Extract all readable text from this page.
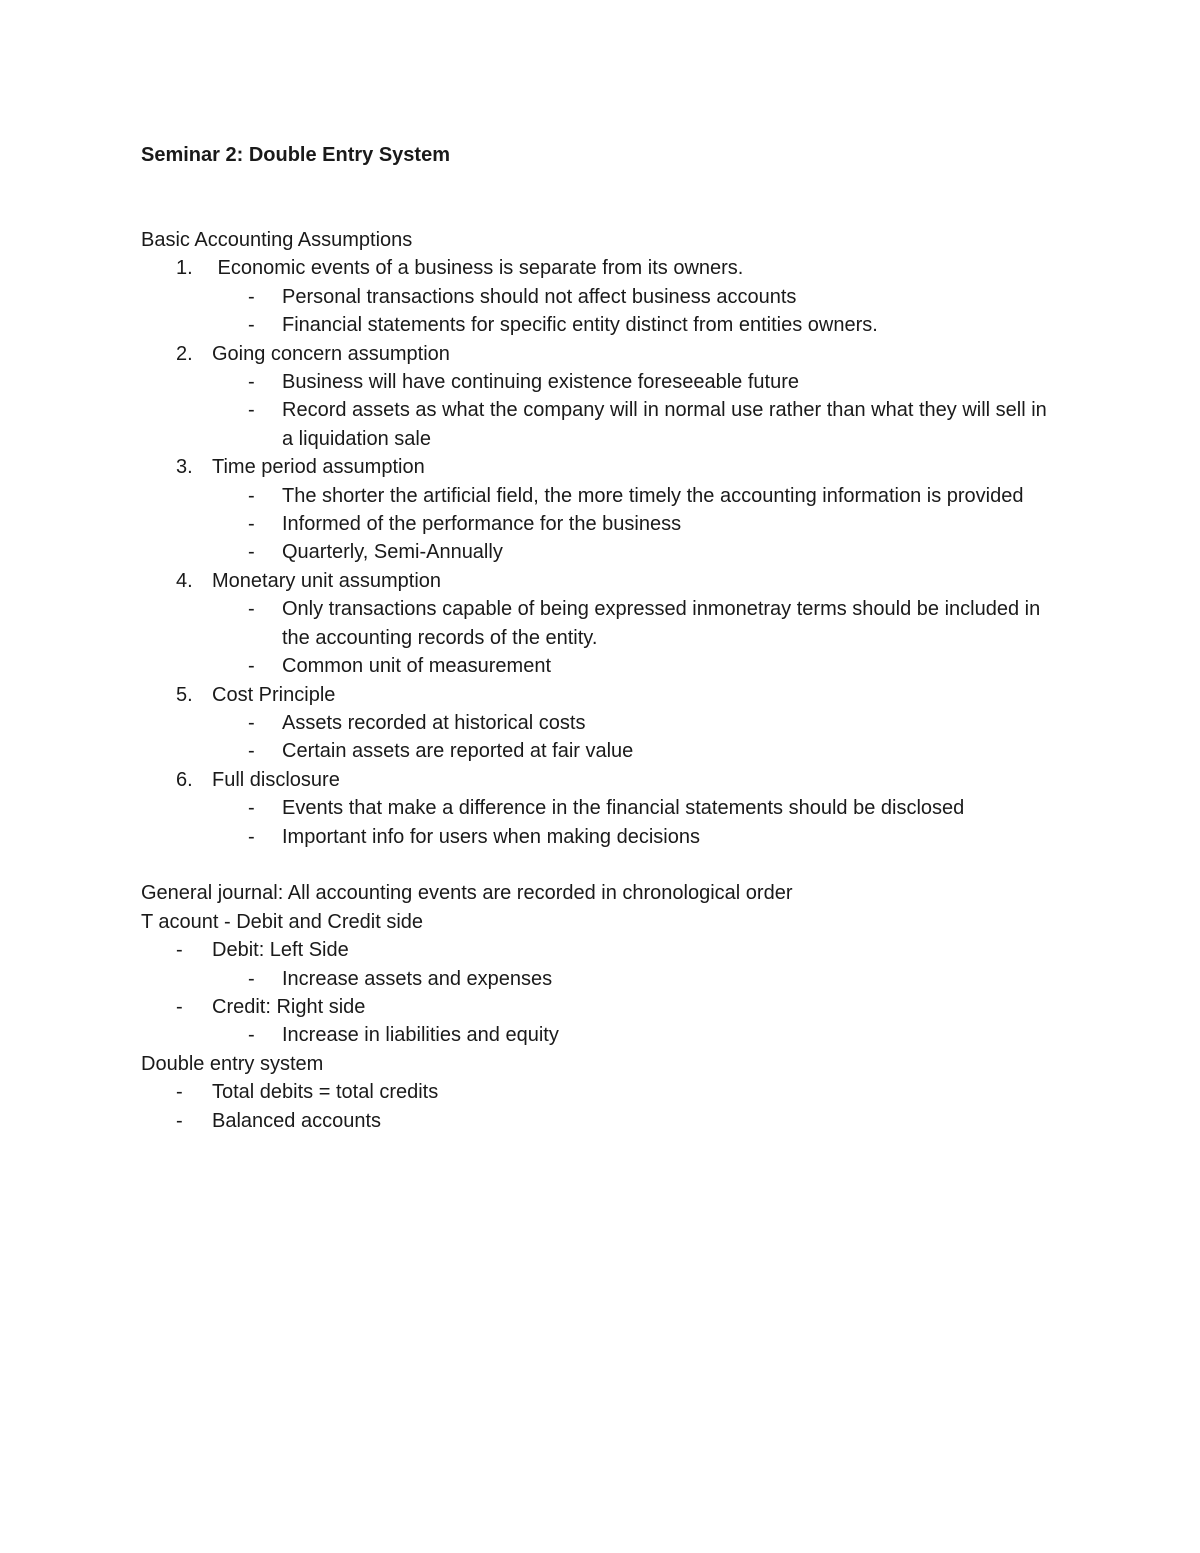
Seminar 2: Double Entry System
Basic Accounting Assumptions
1. Economic events of a business is separate from its owners.
- Personal transactions should not affect business accounts
- Financial statements for specific entity distinct from entities owners.
2. Going concern assumption
- Business will have continuing existence foreseeable future
- Record assets as what the company will in normal use rather than what they will sell in a liquidation sale
3. Time period assumption
- The shorter the artificial field, the more timely the accounting information is provided
- Informed of the performance for the business
- Quarterly, Semi-Annually
4. Monetary unit assumption
- Only transactions capable of being expressed inmonetray terms should be included in the accounting records of the entity.
- Common unit of measurement
5. Cost Principle
- Assets recorded at historical costs
- Certain assets are reported at fair value
6. Full disclosure
- Events that make a difference in the financial statements should be disclosed
- Important info for users when making decisions
General journal: All accounting events are recorded in chronological order
T acount - Debit and Credit side
- Debit: Left Side
- Increase assets and expenses
- Credit: Right side
- Increase in liabilities and equity
Double entry system
- Total debits = total credits
- Balanced accounts
